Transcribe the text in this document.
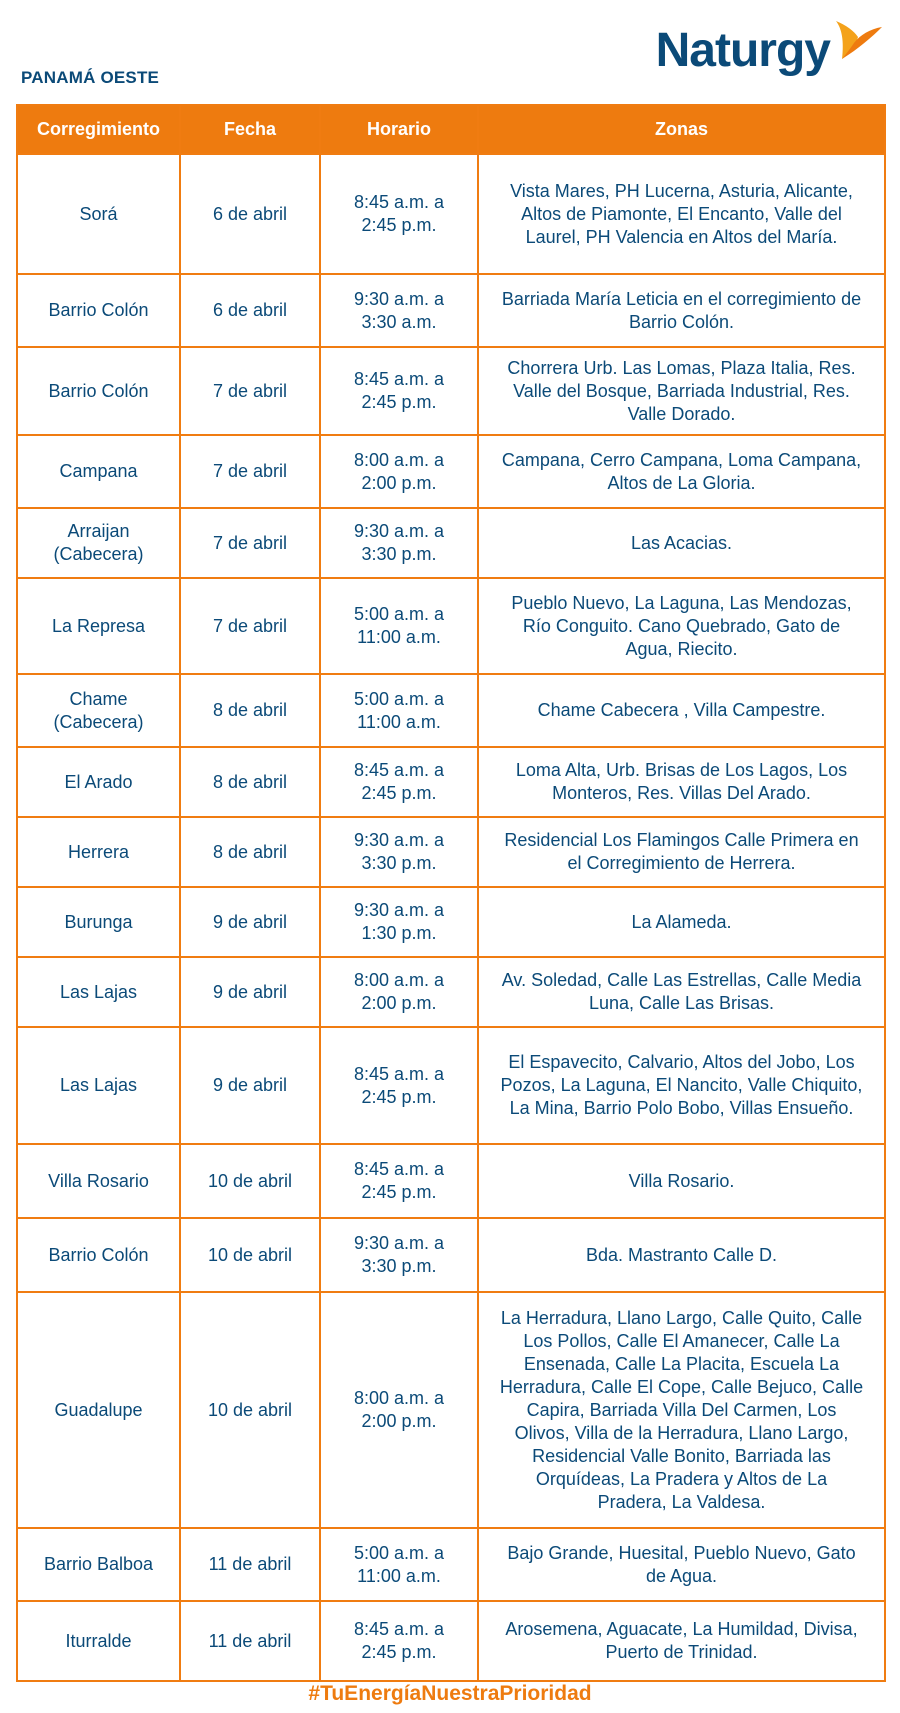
PANAMÁ OESTE
Naturgy
Corregimiento	Fecha	Horario	Zonas
Sorá	6 de abril	8:45 a.m. a 2:45 p.m.	Vista Mares, PH Lucerna, Asturia, Alicante, Altos de Piamonte, El Encanto, Valle del Laurel, PH Valencia en Altos del María.
Barrio Colón	6 de abril	9:30 a.m. a 3:30 a.m.	Barriada María Leticia en el corregimiento de Barrio Colón.
Barrio Colón	7 de abril	8:45 a.m. a 2:45 p.m.	Chorrera Urb. Las Lomas, Plaza Italia, Res. Valle del Bosque, Barriada Industrial, Res. Valle Dorado.
Campana	7 de abril	8:00 a.m. a 2:00 p.m.	Campana, Cerro Campana, Loma Campana, Altos de La Gloria.
Arraijan (Cabecera)	7 de abril	9:30 a.m. a 3:30 p.m.	Las Acacias.
La Represa	7 de abril	5:00 a.m. a 11:00 a.m.	Pueblo Nuevo, La Laguna, Las Mendozas, Río Conguito. Cano Quebrado, Gato de Agua, Riecito.
Chame (Cabecera)	8 de abril	5:00 a.m. a 11:00 a.m.	Chame Cabecera , Villa Campestre.
El Arado	8 de abril	8:45 a.m. a 2:45 p.m.	Loma Alta, Urb. Brisas de Los Lagos, Los Monteros, Res. Villas Del Arado.
Herrera	8 de abril	9:30 a.m. a 3:30 p.m.	Residencial Los Flamingos Calle Primera en el Corregimiento de Herrera.
Burunga	9 de abril	9:30 a.m. a 1:30 p.m.	La Alameda.
Las Lajas	9 de abril	8:00 a.m. a 2:00 p.m.	Av. Soledad, Calle Las Estrellas, Calle Media Luna, Calle Las Brisas.
Las Lajas	9 de abril	8:45 a.m. a 2:45 p.m.	El Espavecito, Calvario, Altos del Jobo, Los Pozos, La Laguna, El Nancito, Valle Chiquito, La Mina, Barrio Polo Bobo, Villas Ensueño.
Villa Rosario	10 de abril	8:45 a.m. a 2:45 p.m.	Villa Rosario.
Barrio Colón	10 de abril	9:30 a.m. a 3:30 p.m.	Bda. Mastranto Calle D.
Guadalupe	10 de abril	8:00 a.m. a 2:00 p.m.	La Herradura, Llano Largo, Calle Quito, Calle Los Pollos, Calle El Amanecer, Calle La Ensenada, Calle La Placita, Escuela La Herradura, Calle El Cope, Calle Bejuco, Calle Capira, Barriada Villa Del Carmen, Los Olivos, Villa de la Herradura, Llano Largo, Residencial Valle Bonito, Barriada las Orquídeas, La Pradera y Altos de La Pradera, La Valdesa.
Barrio Balboa	11 de abril	5:00 a.m. a 11:00 a.m.	Bajo Grande, Huesital, Pueblo Nuevo, Gato de Agua.
Iturralde	11 de abril	8:45 a.m. a 2:45 p.m.	Arosemena, Aguacate, La Humildad, Divisa, Puerto de Trinidad.
#TuEnergíaNuestraPrioridad
